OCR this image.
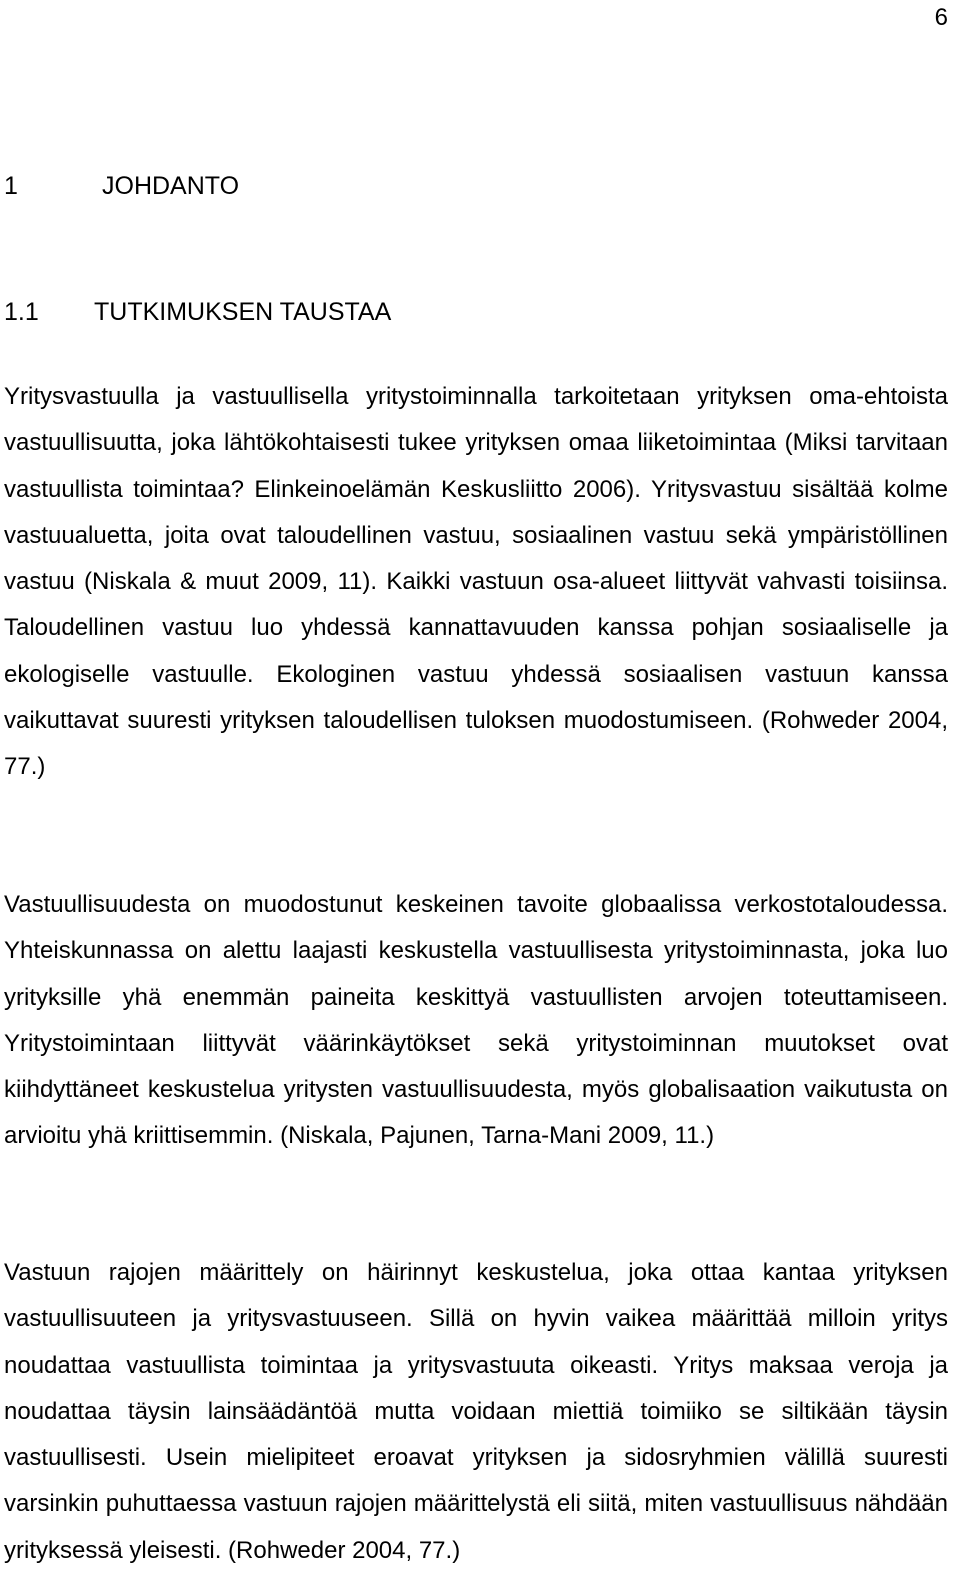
6
1	JOHDANTO
1.1 TUTKIMUKSEN TAUSTAA

Yritysvastuulla ja vastuullisella yritystoiminnalla tarkoitetaan yrityksen oma-ehtoista vastuullisuutta, joka lähtökohtaisesti tukee yrityksen omaa liiketoimintaa (Miksi tarvitaan vastuullista toimintaa? Elinkeinoelämän Keskusliitto 2006). Yritysvastuu sisältää kolme vastuualuetta, joita ovat taloudellinen vastuu, sosiaalinen vastuu sekä ympäristöllinen vastuu (Niskala & muut 2009, 11). Kaikki vastuun osa-alueet liittyvät vahvasti toisiinsa. Taloudellinen vastuu luo yhdessä kannattavuuden kanssa pohjan sosiaaliselle ja ekologiselle vastuulle. Ekologinen vastuu yhdessä sosiaalisen vastuun kanssa vaikuttavat suuresti yrityksen taloudellisen tuloksen muodostumiseen. (Rohweder 2004, 77.)

Vastuullisuudesta on muodostunut keskeinen tavoite globaalissa verkostotaloudessa. Yhteiskunnassa on alettu laajasti keskustella vastuullisesta yritystoiminnasta, joka luo yrityksille yhä enemmän paineita keskittyä vastuullisten arvojen toteuttamiseen. Yritystoimintaan liittyvät väärinkäytökset sekä yritystoiminnan muutokset ovat kiihdyttäneet keskustelua yritysten vastuullisuudesta, myös globalisaation vaikutusta on arvioitu yhä kriittisemmin. (Niskala, Pajunen, Tarna-Mani 2009, 11.)

Vastuun rajojen määrittely on häirinnyt keskustelua, joka ottaa kantaa yrityksen vastuullisuuteen ja yritysvastuuseen. Sillä on hyvin vaikea määrittää milloin yritys noudattaa vastuullista toimintaa ja yritysvastuuta oikeasti. Yritys maksaa veroja ja noudattaa täysin lainsäädäntöä mutta voidaan miettiä toimiiko se siltikään täysin vastuullisesti. Usein mielipiteet eroavat yrityksen ja sidosryhmien välillä suuresti varsinkin puhuttaessa vastuun rajojen määrittelystä eli siitä, miten vastuullisuus nähdään yrityksessä yleisesti. (Rohweder 2004, 77.)
